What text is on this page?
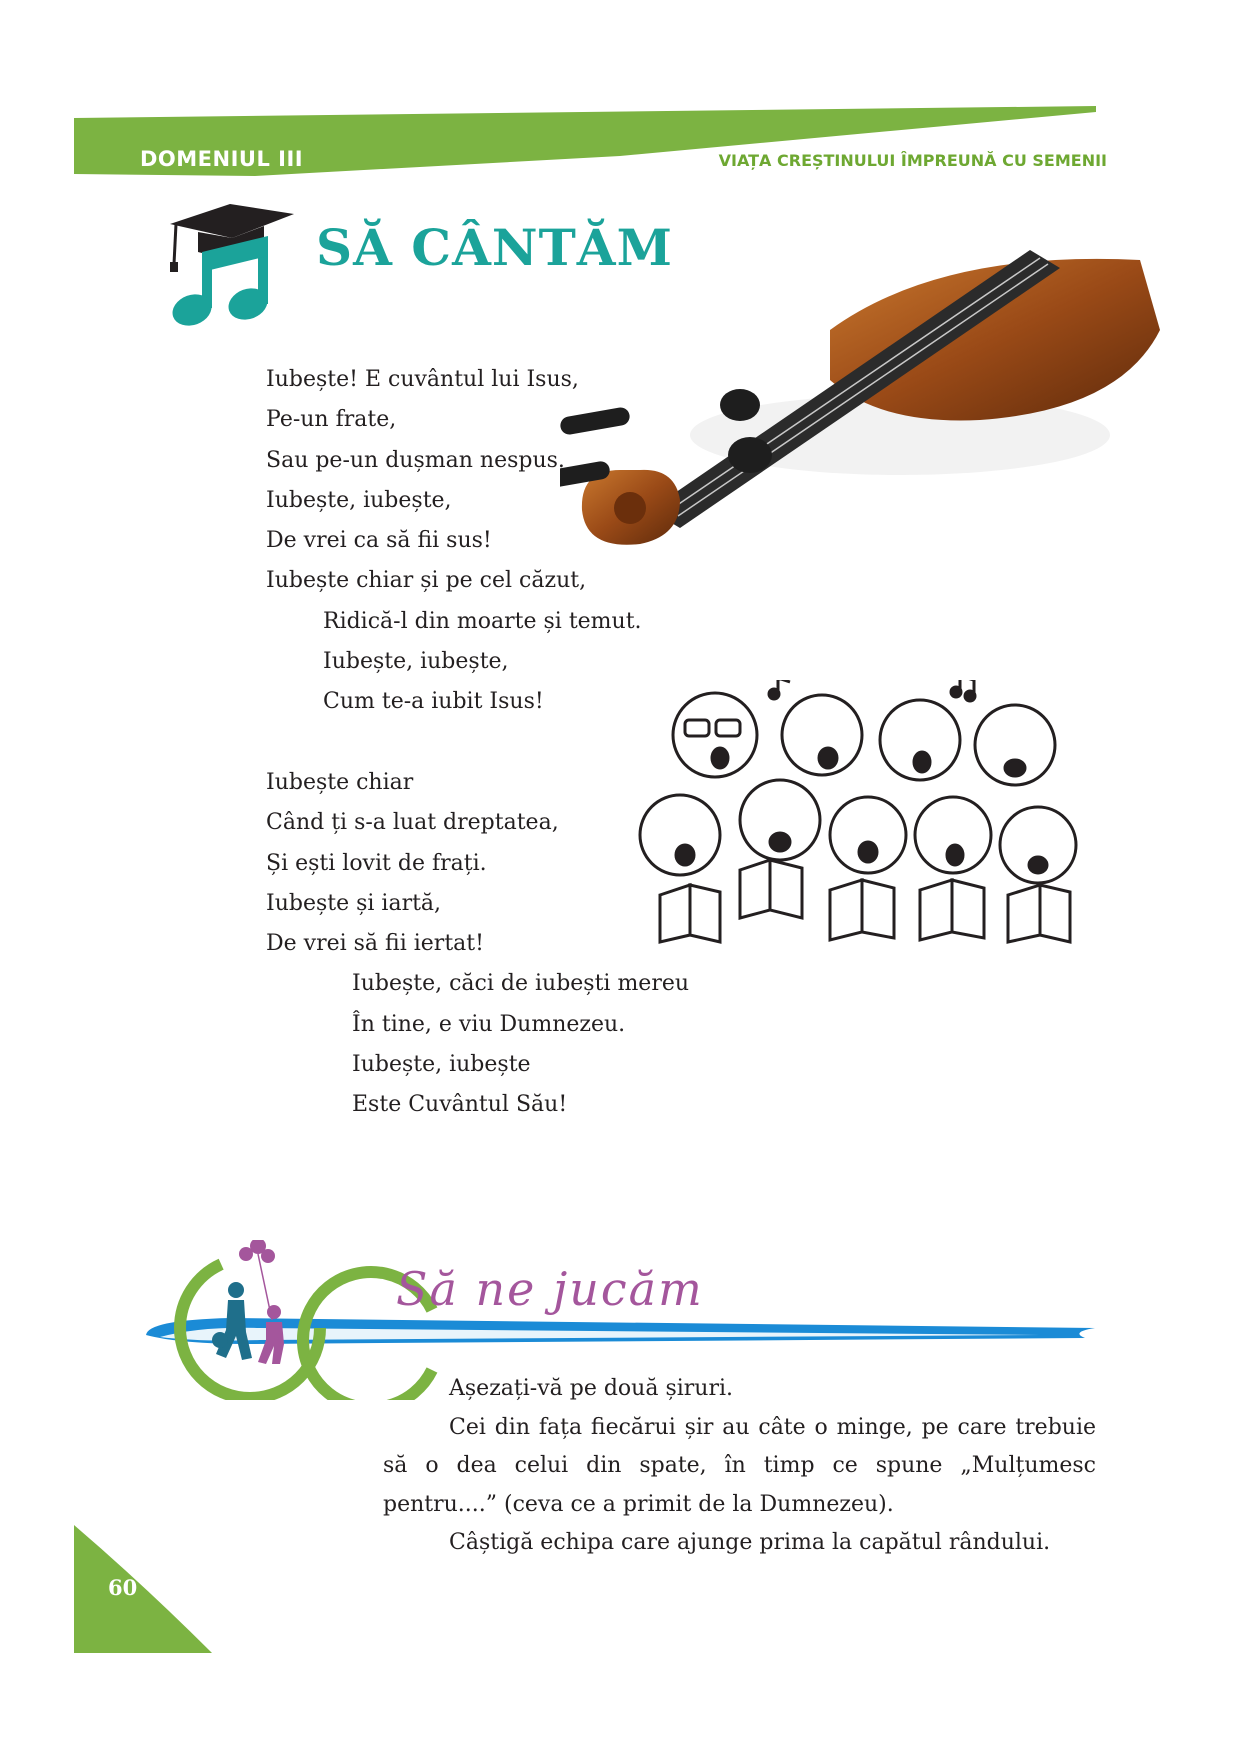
DOMENIUL III	VIAȚA CREȘTINULUI ÎMPREUNĂ CU SEMENII
SĂ CÂNTĂM
Iubește! E cuvântul lui Isus,
Pe-un frate,
Sau pe-un dușman nespus.
Iubește, iubește,
De vrei ca să fii sus!
Iubește chiar și pe cel căzut,
Ridică-l din moarte și temut.
Iubește, iubește,
Cum te-a iubit Isus!
Iubește chiar
Când ți s-a luat dreptatea,
Și ești lovit de frați.
Iubește și iartă,
De vrei să fii iertat!
Iubește, căci de iubești mereu
În tine, e viu Dumnezeu.
Iubește, iubește
Este Cuvântul Său!
Să ne jucăm

Așezați-vă pe două șiruri.

Cei din fața fiecărui șir au câte o minge, pe care trebuie să o dea celui din spate, în timp ce spune „Mulțumesc pentru....” (ceva ce a primit de la Dumnezeu).

Câștigă echipa care ajunge prima la capătul rândului.

60
